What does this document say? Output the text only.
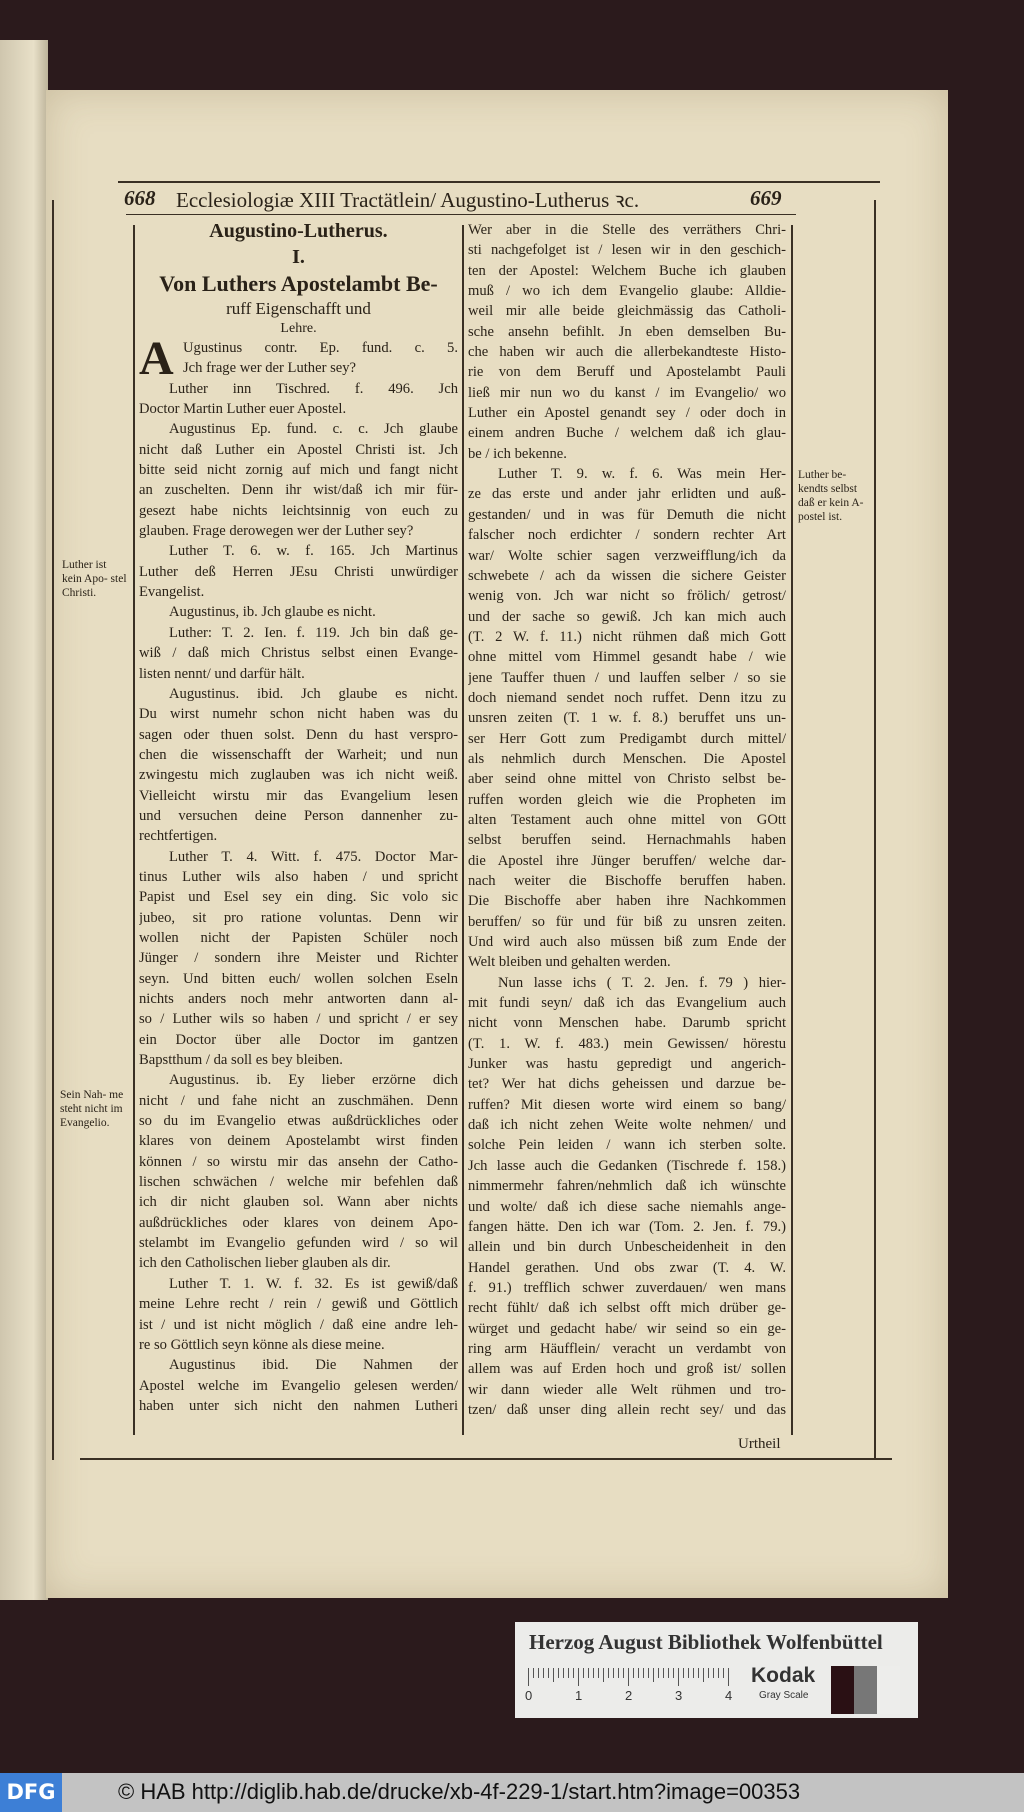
668 Ecclesiologiæ XIII Tractätlein/ Augustino-Lutherus ꝛc.	669
Augustino-Lutherus.
I.
Von Luthers Apostelambt Be-
ruff Eigenschafft und
Lehre.
A Ugustinus contr. Ep. fund. c. 5.
Jch frage wer der Luther sey?
Luther inn Tischred. f. 496. Jch
Doctor Martin Luther euer Apostel.
Augustinus Ep. fund. c. c. Jch glaube
nicht daß Luther ein Apostel Christi ist. Jch
bitte seid nicht zornig auf mich und fangt nicht
an zuschelten. Denn ihr wist/daß ich mir für-
gesezt habe nichts leichtsinnig von euch zu
glauben. Frage derowegen wer der Luther sey?
Luther T. 6. w. f. 165. Jch Martinus
Luther deß Herren JEsu Christi unwürdiger
Evangelist.
Augustinus, ib. Jch glaube es nicht.
Luther: T. 2. Ien. f. 119. Jch bin daß ge-
wiß / daß mich Christus selbst einen Evange-
listen nennt/ und darfür hält.
Augustinus. ibid. Jch glaube es nicht.
Du wirst numehr schon nicht haben was du
sagen oder thuen solst. Denn du hast verspro-
chen die wissenschafft der Warheit; und nun
zwingestu mich zuglauben was ich nicht weiß.
Vielleicht wirstu mir das Evangelium lesen
und versuchen deine Person dannenher zu-
rechtfertigen.
Luther T. 4. Witt. f. 475. Doctor Mar-
tinus Luther wils also haben / und spricht
Papist und Esel sey ein ding. Sic volo sic
jubeo, sit pro ratione voluntas. Denn wir
wollen nicht der Papisten Schüler noch
Jünger / sondern ihre Meister und Richter
seyn. Und bitten euch/ wollen solchen Eseln
nichts anders noch mehr antworten dann al-
so / Luther wils so haben / und spricht / er sey
ein Doctor über alle Doctor im gantzen
Bapstthum / da soll es bey bleiben.
Augustinus. ib. Ey lieber erzörne dich
nicht / und fahe nicht an zuschmähen. Denn
so du im Evangelio etwas außdrückliches oder
klares von deinem Apostelambt wirst finden
können / so wirstu mir das ansehn der Catho-
lischen schwächen / welche mir befehlen daß
ich dir nicht glauben sol. Wann aber nichts
außdrückliches oder klares von deinem Apo-
stelambt im Evangelio gefunden wird / so wil
ich den Catholischen lieber glauben als dir.
Luther T. 1. W. f. 32. Es ist gewiß/daß
meine Lehre recht / rein / gewiß und Göttlich
ist / und ist nicht möglich / daß eine andre leh-
re so Göttlich seyn könne als diese meine.
Augustinus ibid. Die Nahmen der
Apostel welche im Evangelio gelesen werden/
haben unter sich nicht den nahmen Lutheri
Wer aber in die Stelle des verräthers Chri-
sti nachgefolget ist / lesen wir in den geschich-
ten der Apostel: Welchem Buche ich glauben
muß / wo ich dem Evangelio glaube: Alldie-
weil mir alle beide gleichmässig das Catholi-
sche ansehn befihlt. Jn eben demselben Bu-
che haben wir auch die allerbekandteste Histo-
rie von dem Beruff und Apostelambt Pauli
ließ mir nun wo du kanst / im Evangelio/ wo
Luther ein Apostel genandt sey / oder doch in
einem andren Buche / welchem daß ich glau-
be / ich bekenne.
Luther T. 9. w. f. 6. Was mein Her-
ze das erste und ander jahr erlidten und auß-
gestanden/ und in was für Demuth die nicht
falscher noch erdichter / sondern rechter Art
war/ Wolte schier sagen verzweifflung/ich da
schwebete / ach da wissen die sichere Geister
wenig von. Jch war nicht so frölich/ getrost/
und der sache so gewiß. Jch kan mich auch
(T. 2 W. f. 11.) nicht rühmen daß mich Gott
ohne mittel vom Himmel gesandt habe / wie
jene Tauffer thuen / und lauffen selber / so sie
doch niemand sendet noch ruffet. Denn itzu zu
unsren zeiten (T. 1 w. f. 8.) beruffet uns un-
ser Herr Gott zum Predigambt durch mittel/
als nehmlich durch Menschen. Die Apostel
aber seind ohne mittel von Christo selbst be-
ruffen worden gleich wie die Propheten im
alten Testament auch ohne mittel von GOtt
selbst beruffen seind. Hernachmahls haben
die Apostel ihre Jünger beruffen/ welche dar-
nach weiter die Bischoffe beruffen haben.
Die Bischoffe aber haben ihre Nachkommen
beruffen/ so für und für biß zu unsren zeiten.
Und wird auch also müssen biß zum Ende der
Welt bleiben und gehalten werden.
Nun lasse ichs ( T. 2. Jen. f. 79 ) hier-
mit fundi seyn/ daß ich das Evangelium auch
nicht vonn Menschen habe. Darumb spricht
(T. 1. W. f. 483.) mein Gewissen/ hörestu
Junker was hastu gepredigt und angerich-
tet? Wer hat dichs geheissen und darzue be-
ruffen? Mit diesen worte wird einem so bang/
daß ich nicht zehen Weite wolte nehmen/ und
solche Pein leiden / wann ich sterben solte.
Jch lasse auch die Gedanken (Tischrede f. 158.)
nimmermehr fahren/nehmlich daß ich wünschte
und wolte/ daß ich diese sache niemahls ange-
fangen hätte. Den ich war (Tom. 2. Jen. f. 79.)
allein und bin durch Unbescheidenheit in den
Handel gerathen. Und obs zwar (T. 4. W.
f. 91.) trefflich schwer zuverdauen/ wen mans
recht fühlt/ daß ich selbst offt mich drüber ge-
würget und gedacht habe/ wir seind so ein ge-
ring arm Häufflein/ veracht un verdambt von
allem was auf Erden hoch und groß ist/ sollen
wir dann wieder alle Welt rühmen und tro-
tzen/ daß unser ding allein recht sey/ und das
Luther ist kein Apo- stel Christi.
Sein Nah- me steht nicht im Evangelio.
Luther be- kendts selbst daß er kein A- postel ist.
Urtheil
Herzog August Bibliothek Wolfenbüttel
0	1	2	3	4
Kodak
Gray Scale
DFG	© HAB http://diglib.hab.de/drucke/xb-4f-229-1/start.htm?image=00353
